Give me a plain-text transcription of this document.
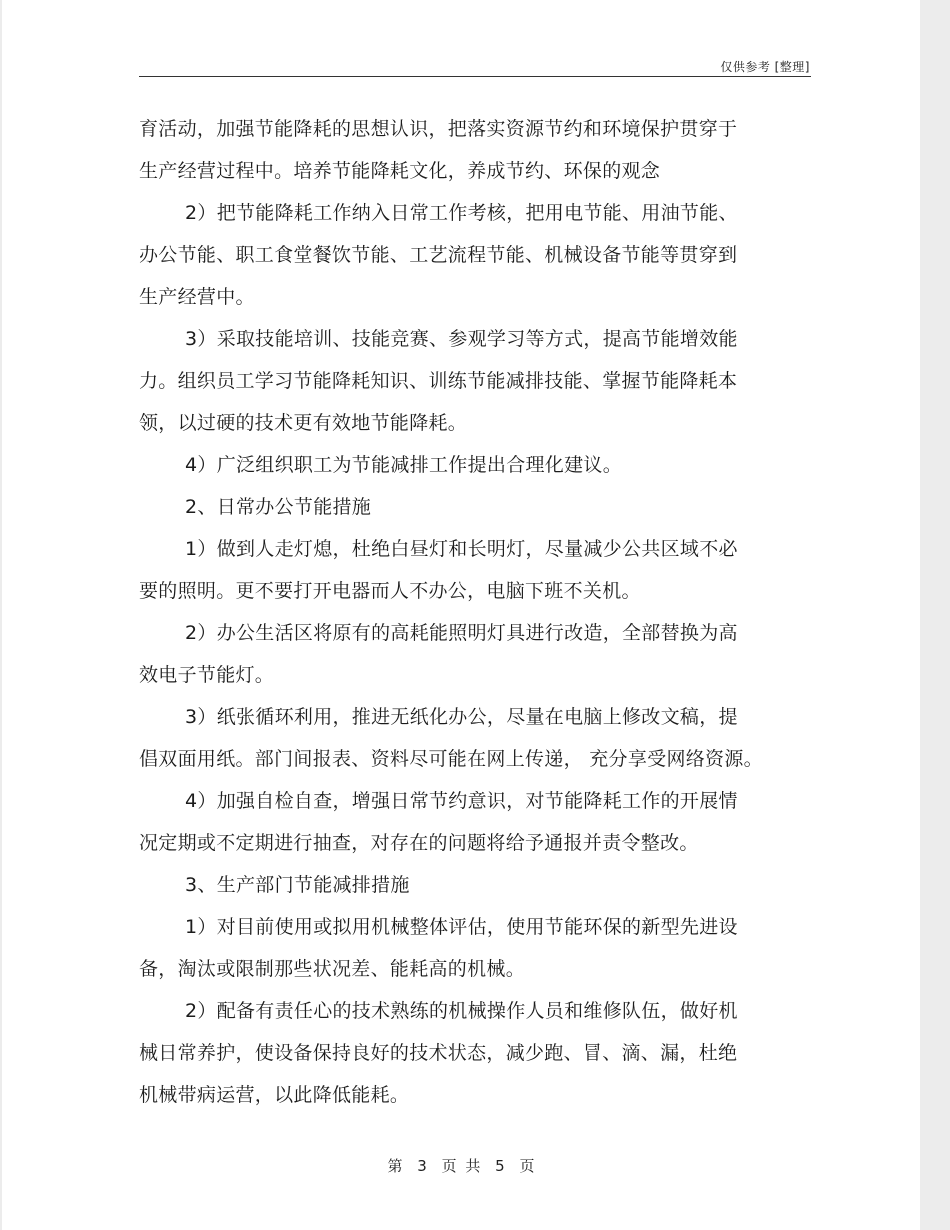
仅供参考 [整理]
育活动，加强节能降耗的思想认识，把落实资源节约和环境保护贯穿于
生产经营过程中。培养节能降耗文化，养成节约、环保的观念
2）把节能降耗工作纳入日常工作考核，把用电节能、用油节能、
办公节能、职工食堂餐饮节能、工艺流程节能、机械设备节能等贯穿到
生产经营中。
3）采取技能培训、技能竞赛、参观学习等方式，提高节能增效能
力。组织员工学习节能降耗知识、训练节能减排技能、掌握节能降耗本
领，以过硬的技术更有效地节能降耗。
4）广泛组织职工为节能减排工作提出合理化建议。
2、日常办公节能措施
1）做到人走灯熄，杜绝白昼灯和长明灯，尽量减少公共区域不必
要的照明。更不要打开电器而人不办公，电脑下班不关机。
2）办公生活区将原有的高耗能照明灯具进行改造，全部替换为高
效电子节能灯。
3）纸张循环利用，推进无纸化办公，尽量在电脑上修改文稿，提
倡双面用纸。部门间报表、资料尽可能在网上传递， 充分享受网络资源。
4）加强自检自查，增强日常节约意识，对节能降耗工作的开展情
况定期或不定期进行抽查，对存在的问题将给予通报并责令整改。
3、生产部门节能减排措施
1）对目前使用或拟用机械整体评估，使用节能环保的新型先进设
备，淘汰或限制那些状况差、能耗高的机械。
2）配备有责任心的技术熟练的机械操作人员和维修队伍，做好机
械日常养护，使设备保持良好的技术状态，减少跑、冒、滴、漏，杜绝
机械带病运营，以此降低能耗。
第 3 页 共 5 页
